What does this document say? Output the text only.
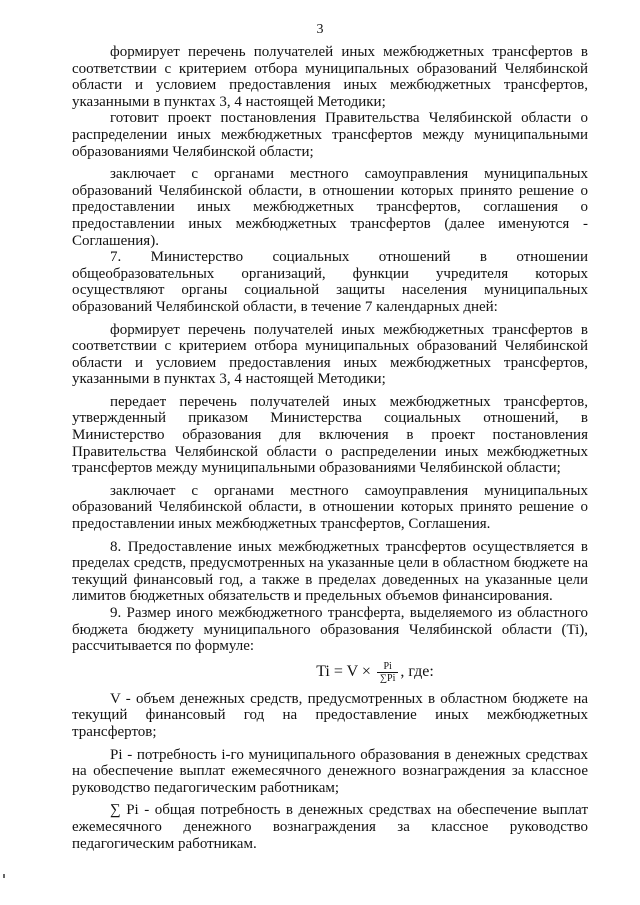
3

формирует перечень получателей иных межбюджетных трансфертов в соответствии с критерием отбора муниципальных образований Челябинской области и условием предоставления иных межбюджетных трансфертов, указанными в пунктах 3, 4 настоящей Методики;

готовит проект постановления Правительства Челябинской области о распределении иных межбюджетных трансфертов между муниципальными образованиями Челябинской области;

заключает с органами местного самоуправления муниципальных образований Челябинской области, в отношении которых принято решение о предоставлении иных межбюджетных трансфертов, соглашения о предоставлении иных межбюджетных трансфертов (далее именуются - Соглашения).

7. Министерство социальных отношений в отношении общеобразовательных организаций, функции учредителя которых осуществляют органы социальной защиты населения муниципальных образований Челябинской области, в течение 7 календарных дней:

формирует перечень получателей иных межбюджетных трансфертов в соответствии с критерием отбора муниципальных образований Челябинской области и условием предоставления иных межбюджетных трансфертов, указанными в пунктах 3, 4 настоящей Методики;

передает перечень получателей иных межбюджетных трансфертов, утвержденный приказом Министерства социальных отношений, в Министерство образования для включения в проект постановления Правительства Челябинской области о распределении иных межбюджетных трансфертов между муниципальными образованиями Челябинской области;

заключает с органами местного самоуправления муниципальных образований Челябинской области, в отношении которых принято решение о предоставлении иных межбюджетных трансфертов, Соглашения.

8. Предоставление иных межбюджетных трансфертов осуществляется в пределах средств, предусмотренных на указанные цели в областном бюджете на текущий финансовый год, а также в пределах доведенных на указанные цели лимитов бюджетных обязательств и предельных объемов финансирования.

9. Размер иного межбюджетного трансферта, выделяемого из областного бюджета бюджету муниципального образования Челябинской области (Ti), рассчитывается по формуле:

$Ti = V \times \frac{Pi}{\sum Pi}$ , где:

V - объем денежных средств, предусмотренных в областном бюджете на текущий финансовый год на предоставление иных межбюджетных трансфертов;

Pi - потребность i-го муниципального образования в денежных средствах на обеспечение выплат ежемесячного денежного вознаграждения за классное руководство педагогическим работникам;

∑ Pi - общая потребность в денежных средствах на обеспечение выплат ежемесячного денежного вознаграждения за классное руководство педагогическим работникам.
